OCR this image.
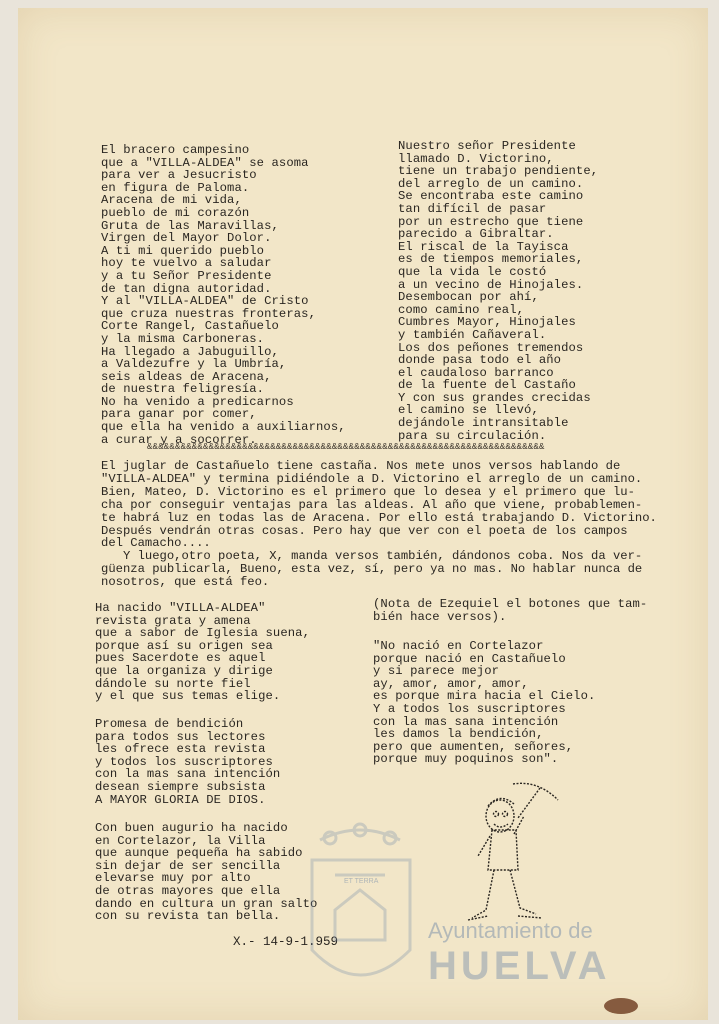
El bracero campesino
que a "VILLA-ALDEA" se asoma
para ver a Jesucristo
en figura de Paloma.
Aracena de mi vida,
pueblo de mi corazón
Gruta de las Maravillas,
Virgen del Mayor Dolor.
A ti mi querido pueblo
hoy te vuelvo a saludar
y a tu Señor Presidente
de tan digna autoridad.
Y al "VILLA-ALDEA" de Cristo
que cruza nuestras fronteras,
Corte Rangel, Castañuelo
y la misma Carboneras.
Ha llegado a Jabuguillo,
a Valdezufre y la Umbría,
seis aldeas de Aracena,
de nuestra feligresía.
No ha venido a predicarnos
para ganar por comer,
que ella ha venido a auxiliarnos,
a curar y a socorrer.
Nuestro señor Presidente
llamado D. Victorino,
tiene un trabajo pendiente,
del arreglo de un camino.
Se encontraba este camino
tan difícil de pasar
por un estrecho que tiene
parecido a Gibraltar.
El riscal de la Tayisca
es de tiempos memoriales,
que la vida le costó
a un vecino de Hinojales.
Desembocan por ahí,
como camino real,
Cumbres Mayor, Hinojales
y también Cañaveral.
Los dos peñones tremendos
donde pasa todo el año
el caudaloso barranco
de la fuente del Castaño
Y con sus grandes crecidas
el camino se llevó,
dejándole intransitable
para su circulación.
&&&&&&&&&&&&&&&&&&&&&&&&&&&&&&&&&&&&&&&&&&&&&&&&&&&&&&&&&&&&&&&&&&&&&&&
El juglar de Castañuelo tiene castaña. Nos mete unos versos hablando de
"VILLA-ALDEA" y termina pidiéndole a D. Victorino el arreglo de un camino.
Bien, Mateo, D. Victorino es el primero que lo desea y el primero que lu-
cha por conseguir ventajas para las aldeas. Al año que viene, probablemen-
te habrá luz en todas las de Aracena. Por ello está trabajando D. Victorino.
Después vendrán otras cosas. Pero hay que ver con el poeta de los campos
del Camacho....
Y luego,otro poeta, X, manda versos también, dándonos coba. Nos da ver-
güenza publicarla, Bueno, esta vez, sí, pero ya no mas. No hablar nunca de
nosotros, que está feo.
Ha nacido "VILLA-ALDEA"
revista grata y amena
que a sabor de Iglesia suena,
porque así su origen sea
pues Sacerdote es aquel
que la organiza y dirige
dándole su norte fiel
y el que sus temas elige.
Promesa de bendición
para todos sus lectores
les ofrece esta revista
y todos los suscriptores
con la mas sana intención
desean siempre subsista
A MAYOR GLORIA DE DIOS.
Con buen augurio ha nacido
en Cortelazor, la Villa
que aunque pequeña ha sabido
sin dejar de ser sencilla
elevarse muy por alto
de otras mayores que ella
dando en cultura un gran salto
con su revista tan bella.
X.- 14-9-1.959
(Nota de Ezequiel el botones que tam-
bién hace versos).
"No nació en Cortelazor
porque nació en Castañuelo
y si parece mejor
ay, amor, amor, amor,
es porque mira hacia el Cielo.
Y a todos los suscriptores
con la mas sana intención
les damos la bendición,
pero que aumenten, señores,
porque muy poquinos son".
ET TERRA
Ayuntamiento de
HUELVA
